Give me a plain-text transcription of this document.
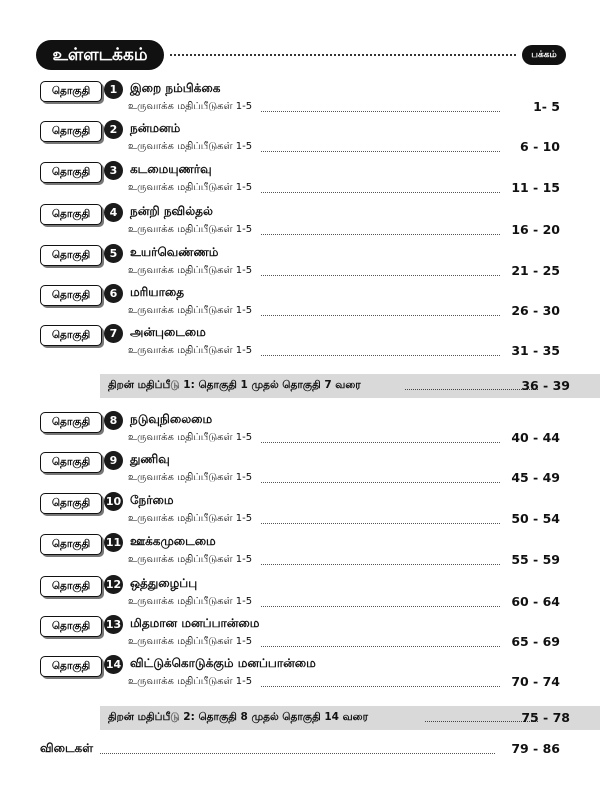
உள்ளடக்கம்	பக்கம்
தொகுதி	1	இறை நம்பிக்கை
உருவாக்க மதிப்பீடுகள் 1-5	1- 5
தொகுதி	2	நன்மனம்
உருவாக்க மதிப்பீடுகள் 1-5	6 - 10
தொகுதி	3	கடமையுணர்வு
உருவாக்க மதிப்பீடுகள் 1-5	11 - 15
தொகுதி	4	நன்றி நவில்தல்
உருவாக்க மதிப்பீடுகள் 1-5	16 - 20
தொகுதி	5	உயர்வெண்ணம்
உருவாக்க மதிப்பீடுகள் 1-5	21 - 25
தொகுதி	6	மரியாதை
உருவாக்க மதிப்பீடுகள் 1-5	26 - 30
தொகுதி	7	அன்புடைமை
உருவாக்க மதிப்பீடுகள் 1-5	31 - 35
திறன் மதிப்பீடு 1: தொகுதி 1 முதல் தொகுதி 7 வரை	36 - 39
தொகுதி	8	நடுவுநிலைமை
உருவாக்க மதிப்பீடுகள் 1-5	40 - 44
தொகுதி	9	துணிவு
உருவாக்க மதிப்பீடுகள் 1-5	45 - 49
தொகுதி	10 நேர்மை
உருவாக்க மதிப்பீடுகள் 1-5	50 - 54
தொகுதி	11 ஊக்கமுடைமை
உருவாக்க மதிப்பீடுகள் 1-5	55 - 59
தொகுதி	12 ஒத்துழைப்பு
உருவாக்க மதிப்பீடுகள் 1-5	60 - 64
தொகுதி	13 மிதமான மனப்பான்மை
உருவாக்க மதிப்பீடுகள் 1-5	65 - 69
தொகுதி	14 விட்டுக்கொடுக்கும் மனப்பான்மை
உருவாக்க மதிப்பீடுகள் 1-5	70 - 74
திறன் மதிப்பீடு 2: தொகுதி 8 முதல் தொகுதி 14 வரை	75 - 78
விடைகள்	79 - 86
